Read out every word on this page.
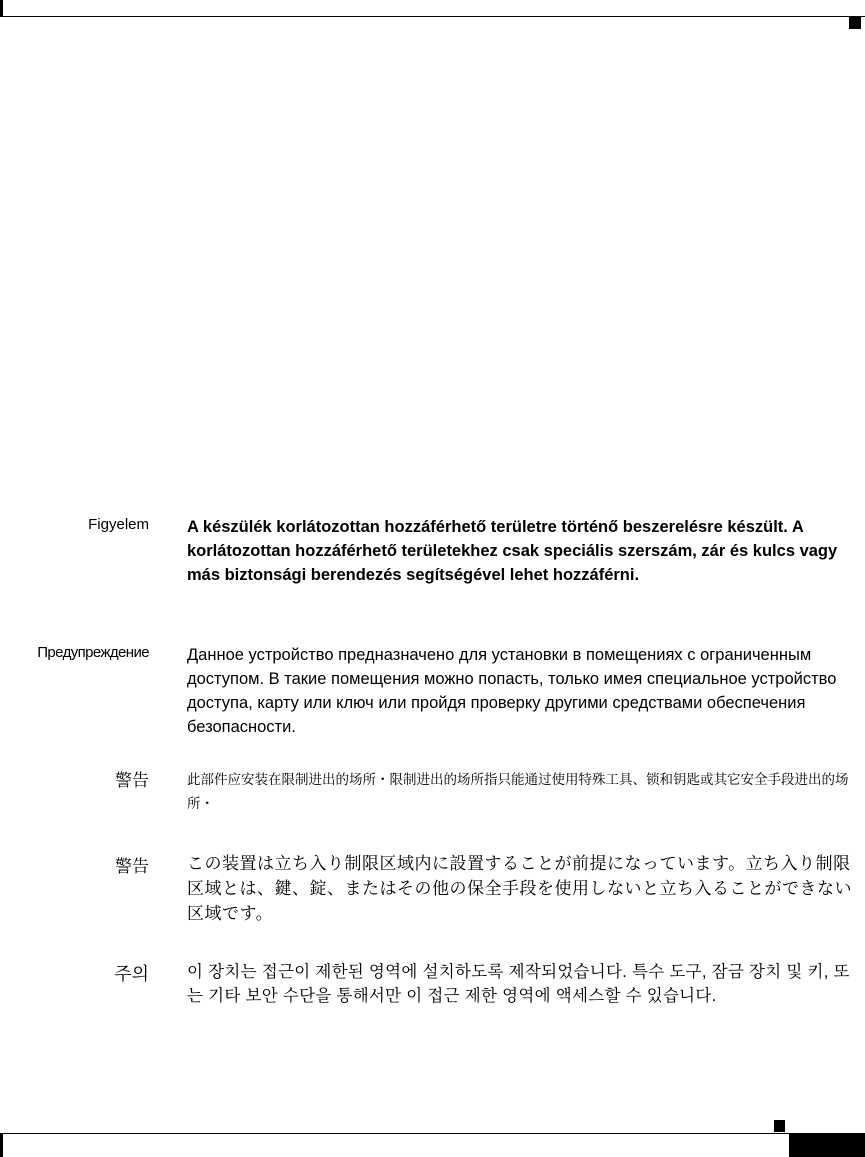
Figyelem A készülék korlátozottan hozzáférhető területre történő beszerelésre készült. A korlátozottan hozzáférhető területekhez csak speciális szerszám, zár és kulcs vagy más biztonsági berendezés segítségével lehet hozzáférni.
Предупреждение Данное устройство предназначено для установки в помещениях с ограниченным доступом. В такие помещения можно попасть, только имея специальное устройство доступа, карту или ключ или пройдя проверку другими средствами обеспечения безопасности.
警告	此部件应安装在限制进出的场所・限制进出的场所指只能通过使用特殊工具、锁和钥匙或其它安全手段进出的场所・
警告 この装置は立ち入り制限区域内に設置することが前提になっています。立ち入り制限区域とは、鍵、錠、またはその他の保全手段を使用しないと立ち入ることができない区域です。
주의 이 장치는 접근이 제한된 영역에 설치하도록 제작되었습니다. 특수 도구, 잠금 장치 및 키, 또는 기타 보안 수단을 통해서만 이 접근 제한 영역에 액세스할 수 있습니다.
